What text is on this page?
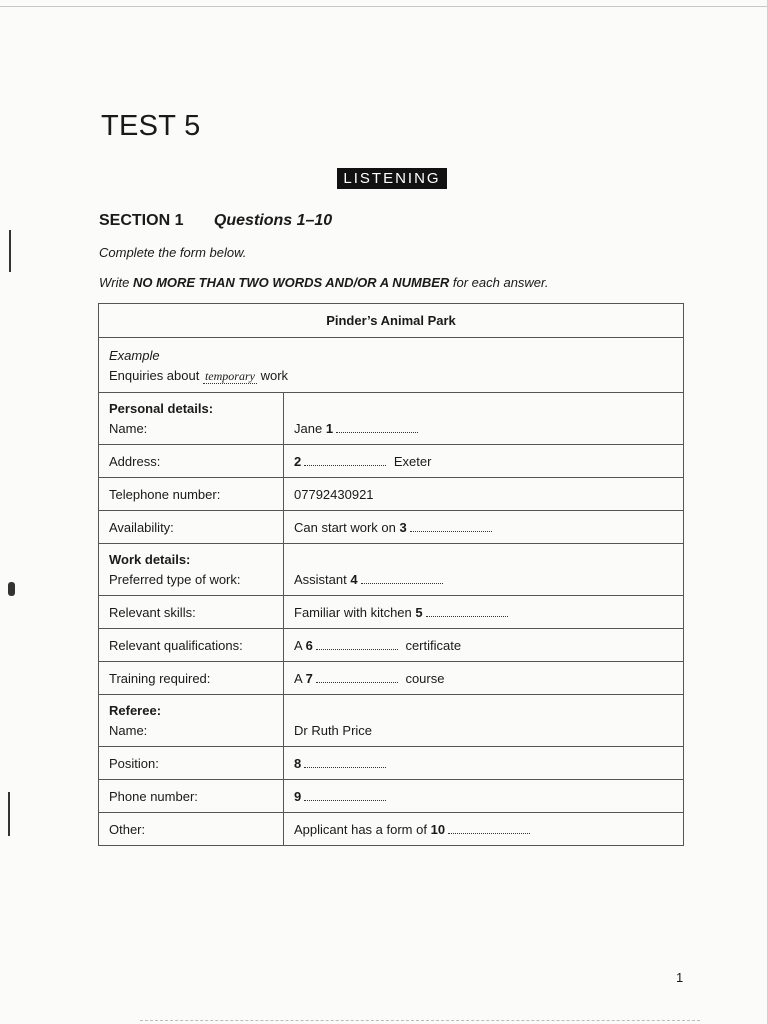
TEST 5
LISTENING
SECTION 1 Questions 1–10
Complete the form below.
Write NO MORE THAN TWO WORDS AND/OR A NUMBER for each answer.
Pinder’s Animal Park	

Example
Enquiries about temporary work	

Personal details:
Name:	Jane 1

Address:	2 Exeter
Telephone number:	07792430921
Availability:	Can start work on 3

Work details:
Preferred type of work:	Assistant 4

Relevant skills:	Familiar with kitchen 5
Relevant qualifications:	A 6 certificate
Training required:	A 7 course

Referee:
Name:	Dr Ruth Price

Position:	8
Phone number:	9
Other:	Applicant has a form of 10
1
